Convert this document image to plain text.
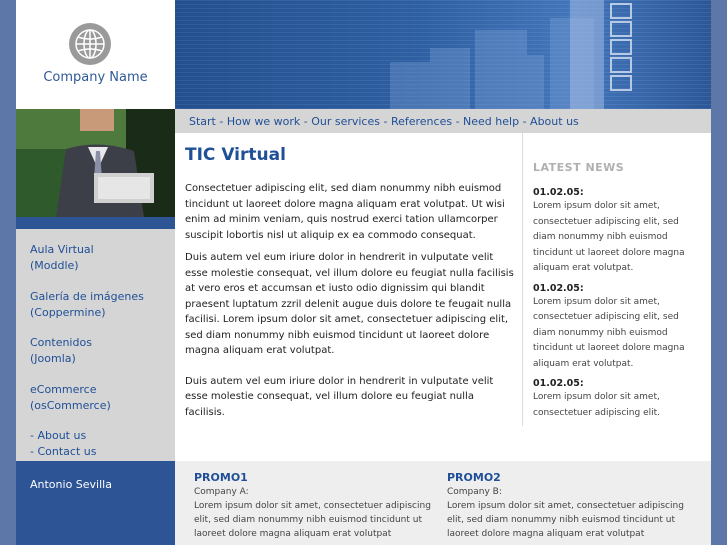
Company Name
Aula Virtual
(Moddle)
Galería de imágenes
(Coppermine)
Contenidos
(Joomla)
eCommerce
(osCommerce)
- About us
- Contact us
Antonio Sevilla
Start - How we work - Our services - References - Need help - About us
TIC Virtual

Consectetuer adipiscing elit, sed diam nonummy nibh euismod tincidunt ut laoreet dolore magna aliquam erat volutpat. Ut wisi enim ad minim veniam, quis nostrud exerci tation ullamcorper suscipit lobortis nisl ut aliquip ex ea commodo consequat.

Duis autem vel eum iriure dolor in hendrerit in vulputate velit esse molestie consequat, vel illum dolore eu feugiat nulla facilisis at vero eros et accumsan et iusto odio dignissim qui blandit praesent luptatum zzril delenit augue duis dolore te feugait nulla facilisi. Lorem ipsum dolor sit amet, consectetuer adipiscing elit, sed diam nonummy nibh euismod tincidunt ut laoreet dolore magna aliquam erat volutpat.

Duis autem vel eum iriure dolor in hendrerit in vulputate velit esse molestie consequat, vel illum dolore eu feugiat nulla facilisis.

LATEST NEWS
01.02.05:
Lorem ipsum dolor sit amet, consectetuer adipiscing elit, sed diam nonummy nibh euismod tincidunt ut laoreet dolore magna aliquam erat volutpat.
01.02.05:
Lorem ipsum dolor sit amet, consectetuer adipiscing elit, sed diam nonummy nibh euismod tincidunt ut laoreet dolore magna aliquam erat volutpat.
01.02.05:
Lorem ipsum dolor sit amet, consectetuer adipiscing elit.
PROMO1
Company A:
Lorem ipsum dolor sit amet, consectetuer adipiscing elit, sed diam nonummy nibh euismod tincidunt ut laoreet dolore magna aliquam erat volutpat
PROMO2
Company B:
Lorem ipsum dolor sit amet, consectetuer adipiscing elit, sed diam nonummy nibh euismod tincidunt ut laoreet dolore magna aliquam erat volutpat
